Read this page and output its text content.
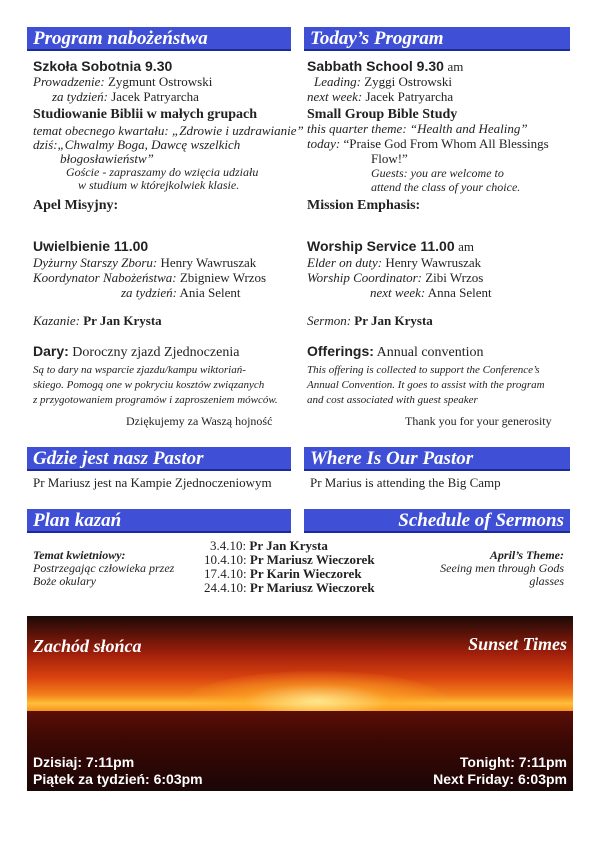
Program nabożeństwa
Szkoła Sobotnia 9.30
Prowadzenie: Zygmunt Ostrowski
za tydzień: Jacek Patryarcha
Studiowanie Biblii w małych grupach
temat obecnego kwartału: „Zdrowie i uzdrawianie”
dziś:„Chwalmy Boga, Dawcę wszelkich
błogosławieństw”
Goście - zapraszamy do wzięcia udziału
w studium w którejkolwiek klasie.
Apel Misyjny:
Uwielbienie 11.00
Dyżurny Starszy Zboru: Henry Wawruszak
Koordynator Nabożeństwa: Zbigniew Wrzos
za tydzień: Ania Selent
Kazanie: Pr Jan Krysta
Dary: Doroczny zjazd Zjednoczenia
Są to dary na wsparcie zjazdu/kampu wiktoriań-
skiego. Pomogą one w pokryciu kosztów związanych
z przygotowaniem programów i zaproszeniem mówców.
Dziękujemy za Waszą hojność
Gdzie jest nasz Pastor
Pr Mariusz jest na Kampie Zjednoczeniowym
Plan kazań
Temat kwietniowy:
Postrzegając człowieka przez
Boże okulary
Today’s Program
Sabbath School 9.30 am
Leading: Zyggi Ostrowski
next week: Jacek Patryarcha
Small Group Bible Study
this quarter theme: “Health and Healing”
today: “Praise God From Whom All Blessings
Flow!”
Guests: you are welcome to
attend the class of your choice.
Mission Emphasis:
Worship Service 11.00 am
Elder on duty: Henry Wawruszak
Worship Coordinator: Zibi Wrzos
next week: Anna Selent
Sermon: Pr Jan Krysta
Offerings: Annual convention
This offering is collected to support the Conference’s
Annual Convention. It goes to assist with the program
and cost associated with guest speaker
Thank you for your generosity
Where Is Our Pastor
Pr Marius is attending the Big Camp
Schedule of Sermons
April’s Theme:
Seeing men through Gods
glasses
3.4.10: Pr Jan Krysta
10.4.10: Pr Mariusz Wieczorek
17.4.10: Pr Karin Wieczorek
24.4.10: Pr Mariusz Wieczorek
Zachód słońca	Sunset Times
Dzisiaj: 7:11pm
Piątek za tydzień: 6:03pm
Tonight: 7:11pm
Next Friday: 6:03pm
